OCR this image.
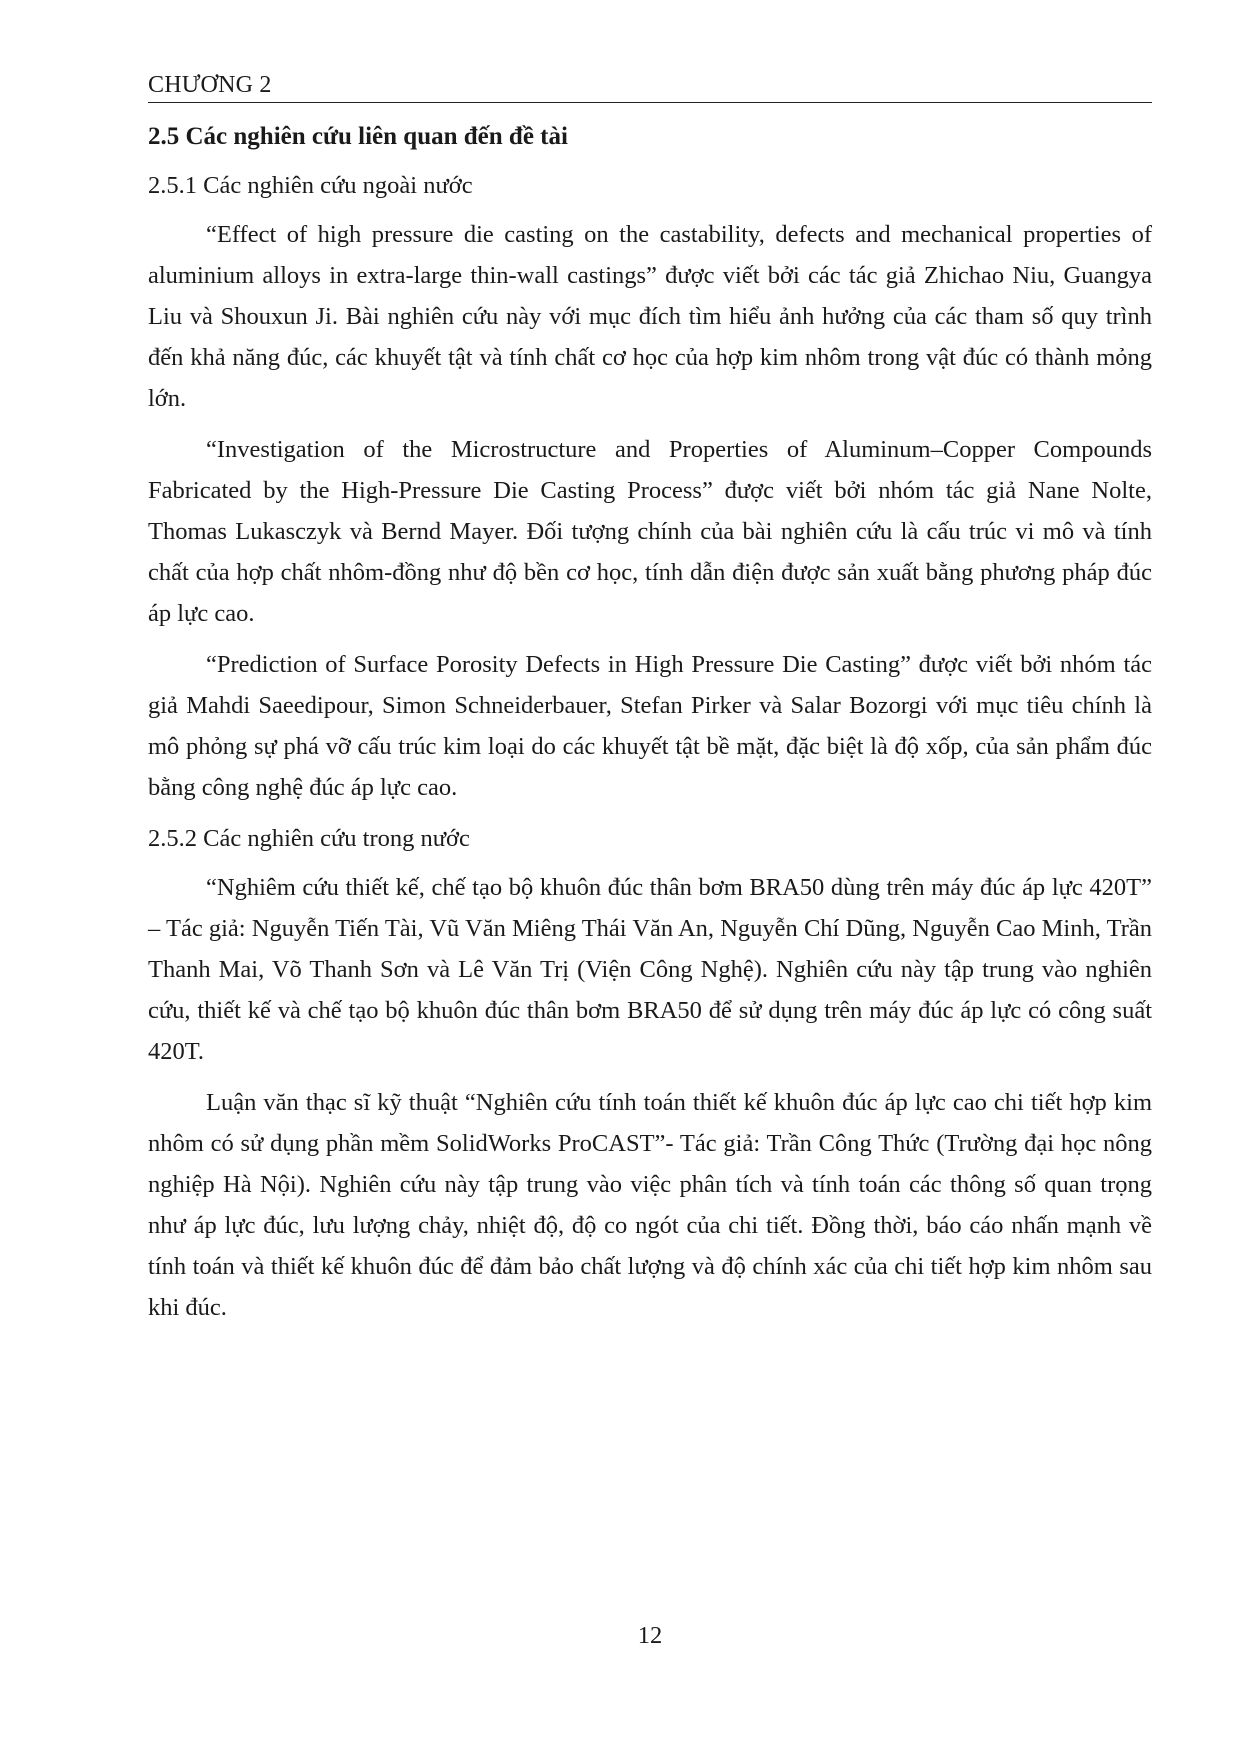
CHƯƠNG 2
2.5 Các nghiên cứu liên quan đến đề tài
2.5.1 Các nghiên cứu ngoài nước

“Effect of high pressure die casting on the castability, defects and mechanical properties of aluminium alloys in extra-large thin-wall castings” được viết bởi các tác giả Zhichao Niu, Guangya Liu và Shouxun Ji. Bài nghiên cứu này với mục đích tìm hiểu ảnh hưởng của các tham số quy trình đến khả năng đúc, các khuyết tật và tính chất cơ học của hợp kim nhôm trong vật đúc có thành mỏng lớn.

“Investigation of the Microstructure and Properties of Aluminum–Copper Compounds Fabricated by the High-Pressure Die Casting Process” được viết bởi nhóm tác giả Nane Nolte, Thomas Lukasczyk và Bernd Mayer. Đối tượng chính của bài nghiên cứu là cấu trúc vi mô và tính chất của hợp chất nhôm-đồng như độ bền cơ học, tính dẫn điện được sản xuất bằng phương pháp đúc áp lực cao.

“Prediction of Surface Porosity Defects in High Pressure Die Casting” được viết bởi nhóm tác giả Mahdi Saeedipour, Simon Schneiderbauer, Stefan Pirker và Salar Bozorgi với mục tiêu chính là mô phỏng sự phá vỡ cấu trúc kim loại do các khuyết tật bề mặt, đặc biệt là độ xốp, của sản phẩm đúc bằng công nghệ đúc áp lực cao.

2.5.2 Các nghiên cứu trong nước

“Nghiêm cứu thiết kế, chế tạo bộ khuôn đúc thân bơm BRA50 dùng trên máy đúc áp lực 420T” – Tác giả: Nguyễn Tiến Tài, Vũ Văn Miêng Thái Văn An, Nguyễn Chí Dũng, Nguyễn Cao Minh, Trần Thanh Mai, Võ Thanh Sơn và Lê Văn Trị (Viện Công Nghệ). Nghiên cứu này tập trung vào nghiên cứu, thiết kế và chế tạo bộ khuôn đúc thân bơm BRA50 để sử dụng trên máy đúc áp lực có công suất 420T.

Luận văn thạc sĩ kỹ thuật “Nghiên cứu tính toán thiết kế khuôn đúc áp lực cao chi tiết hợp kim nhôm có sử dụng phần mềm SolidWorks ProCAST”- Tác giả: Trần Công Thức (Trường đại học nông nghiệp Hà Nội). Nghiên cứu này tập trung vào việc phân tích và tính toán các thông số quan trọng như áp lực đúc, lưu lượng chảy, nhiệt độ, độ co ngót của chi tiết. Đồng thời, báo cáo nhấn mạnh về tính toán và thiết kế khuôn đúc để đảm bảo chất lượng và độ chính xác của chi tiết hợp kim nhôm sau khi đúc.

12
